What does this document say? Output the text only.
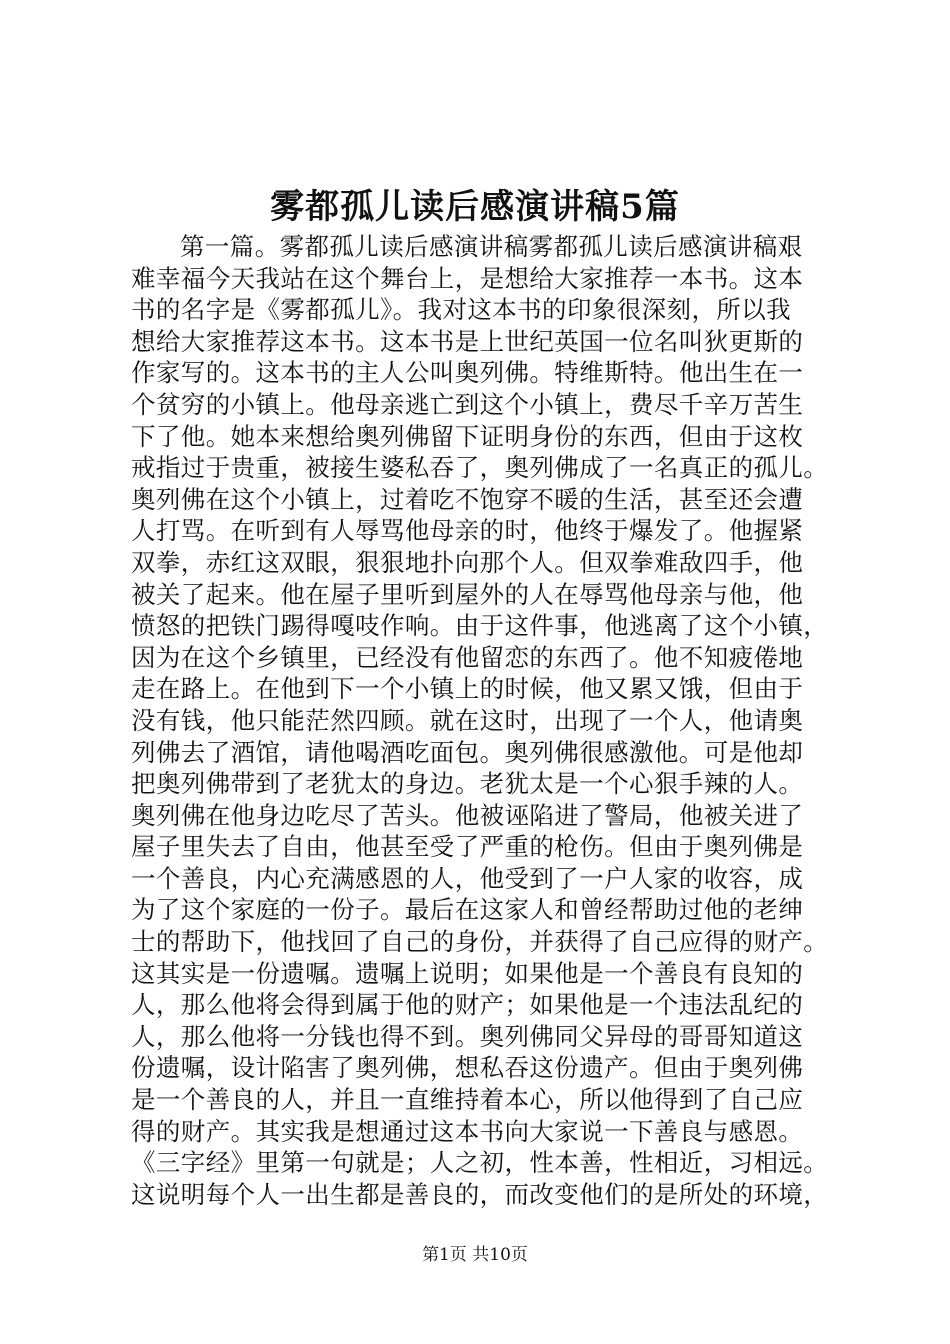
雾都孤儿读后感演讲稿5篇
第一篇。雾都孤儿读后感演讲稿雾都孤儿读后感演讲稿艰
难幸福今天我站在这个舞台上，是想给大家推荐一本书。这本
书的名字是《雾都孤儿》。我对这本书的印象很深刻，所以我
想给大家推荐这本书。这本书是上世纪英国一位名叫狄更斯的
作家写的。这本书的主人公叫奥列佛。特维斯特。他出生在一
个贫穷的小镇上。他母亲逃亡到这个小镇上，费尽千辛万苦生
下了他。她本来想给奥列佛留下证明身份的东西，但由于这枚
戒指过于贵重，被接生婆私吞了，奥列佛成了一名真正的孤儿。
奥列佛在这个小镇上，过着吃不饱穿不暖的生活，甚至还会遭
人打骂。在听到有人辱骂他母亲的时，他终于爆发了。他握紧
双拳，赤红这双眼，狠狠地扑向那个人。但双拳难敌四手，他
被关了起来。他在屋子里听到屋外的人在辱骂他母亲与他，他
愤怒的把铁门踢得嘎吱作响。由于这件事，他逃离了这个小镇，
因为在这个乡镇里，已经没有他留恋的东西了。他不知疲倦地
走在路上。在他到下一个小镇上的时候，他又累又饿，但由于
没有钱，他只能茫然四顾。就在这时，出现了一个人，他请奥
列佛去了酒馆，请他喝酒吃面包。奥列佛很感激他。可是他却
把奥列佛带到了老犹太的身边。老犹太是一个心狠手辣的人。
奥列佛在他身边吃尽了苦头。他被诬陷进了警局，他被关进了
屋子里失去了自由，他甚至受了严重的枪伤。但由于奥列佛是
一个善良，内心充满感恩的人，他受到了一户人家的收容，成
为了这个家庭的一份子。最后在这家人和曾经帮助过他的老绅
士的帮助下，他找回了自己的身份，并获得了自己应得的财产。
这其实是一份遗嘱。遗嘱上说明；如果他是一个善良有良知的
人，那么他将会得到属于他的财产；如果他是一个违法乱纪的
人，那么他将一分钱也得不到。奥列佛同父异母的哥哥知道这
份遗嘱，设计陷害了奥列佛，想私吞这份遗产。但由于奥列佛
是一个善良的人，并且一直维持着本心，所以他得到了自己应
得的财产。其实我是想通过这本书向大家说一下善良与感恩。
《三字经》里第一句就是；人之初，性本善，性相近，习相远。
这说明每个人一出生都是善良的，而改变他们的是所处的环境，
第1页 共10页
